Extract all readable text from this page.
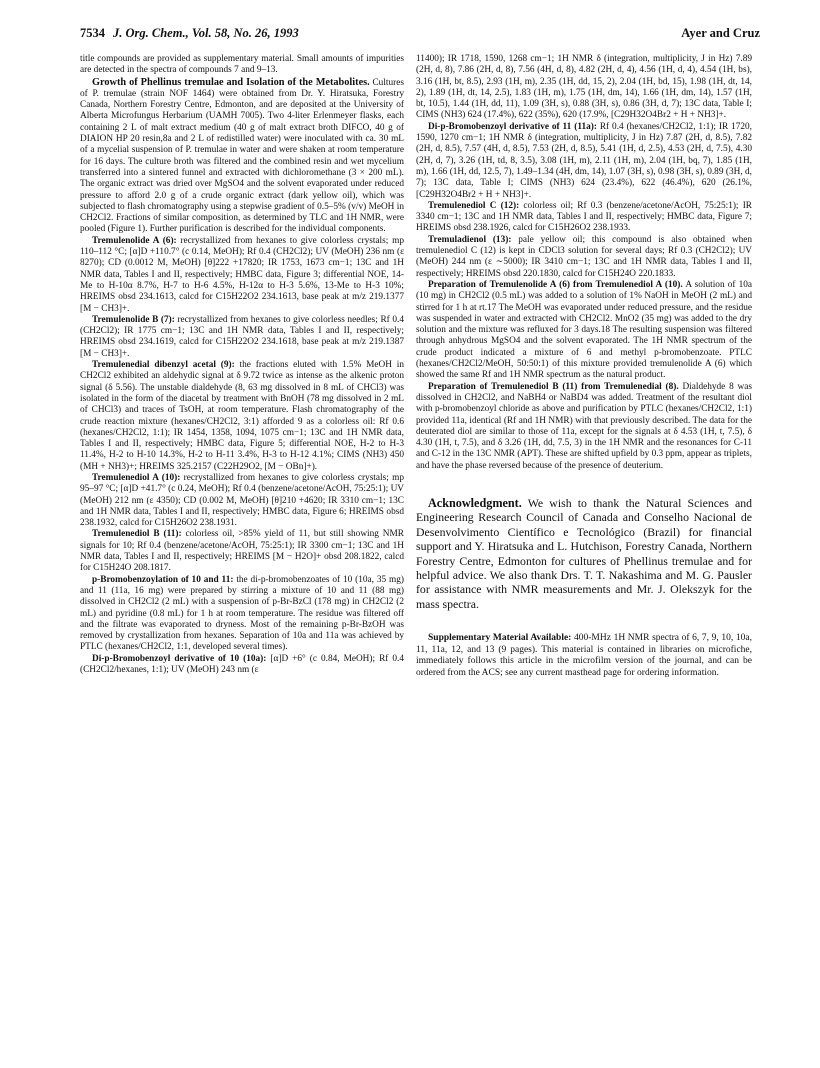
7534 J. Org. Chem., Vol. 58, No. 26, 1993	Ayer and Cruz

title compounds are provided as supplementary material. Small amounts of impurities are detected in the spectra of compounds 7 and 9–13.

Growth of Phellinus tremulae and Isolation of the Metabolites. Cultures of P. tremulae (strain NOF 1464) were obtained from Dr. Y. Hiratsuka, Forestry Canada, Northern Forestry Centre, Edmonton, and are deposited at the University of Alberta Microfungus Herbarium (UAMH 7005). Two 4-liter Erlenmeyer flasks, each containing 2 L of malt extract medium (40 g of malt extract broth DIFCO, 40 g of DIAION HP 20 resin,8a and 2 L of redistilled water) were inoculated with ca. 30 mL of a mycelial suspension of P. tremulae in water and were shaken at room temperature for 16 days. The culture broth was filtered and the combined resin and wet mycelium transferred into a sintered funnel and extracted with dichloromethane (3 × 200 mL). The organic extract was dried over MgSO4 and the solvent evaporated under reduced pressure to afford 2.0 g of a crude organic extract (dark yellow oil), which was subjected to flash chromatography using a stepwise gradient of 0.5–5% (v/v) MeOH in CH2Cl2. Fractions of similar composition, as determined by TLC and 1H NMR, were pooled (Figure 1). Further purification is described for the individual components.

Tremulenolide A (6): recrystallized from hexanes to give colorless crystals; mp 110–112 °C; [α]D +110.7° (c 0.14, MeOH); Rf 0.4 (CH2Cl2); UV (MeOH) 236 nm (ε 8270); CD (0.0012 M, MeOH) [θ]222 +17820; IR 1753, 1673 cm−1; 13C and 1H NMR data, Tables I and II, respectively; HMBC data, Figure 3; differential NOE, 14-Me to H-10α 8.7%, H-7 to H-6 4.5%, H-12α to H-3 5.6%, 13-Me to H-3 10%; HREIMS obsd 234.1613, calcd for C15H22O2 234.1613, base peak at m/z 219.1377 [M − CH3]+.

Tremulenolide B (7): recrystallized from hexanes to give colorless needles; Rf 0.4 (CH2Cl2); IR 1775 cm−1; 13C and 1H NMR data, Tables I and II, respectively; HREIMS obsd 234.1619, calcd for C15H22O2 234.1618, base peak at m/z 219.1387 [M − CH3]+.

Tremulenedial dibenzyl acetal (9): the fractions eluted with 1.5% MeOH in CH2Cl2 exhibited an aldehydic signal at δ 9.72 twice as intense as the alkenic proton signal (δ 5.56). The unstable dialdehyde (8, 63 mg dissolved in 8 mL of CHCl3) was isolated in the form of the diacetal by treatment with BnOH (78 mg dissolved in 2 mL of CHCl3) and traces of TsOH, at room temperature. Flash chromatography of the crude reaction mixture (hexanes/CH2Cl2, 3:1) afforded 9 as a colorless oil: Rf 0.6 (hexanes/CH2Cl2, 1:1); IR 1454, 1358, 1094, 1075 cm−1; 13C and 1H NMR data, Tables I and II, respectively; HMBC data, Figure 5; differential NOE, H-2 to H-3 11.4%, H-2 to H-10 14.3%, H-2 to H-11 3.4%, H-3 to H-12 4.1%; CIMS (NH3) 450 (MH + NH3)+; HREIMS 325.2157 (C22H29O2, [M − OBn]+).

Tremulenediol A (10): recrystallized from hexanes to give colorless crystals; mp 95–97 °C; [α]D +41.7° (c 0.24, MeOH); Rf 0.4 (benzene/acetone/AcOH, 75:25:1); UV (MeOH) 212 nm (ε 4350); CD (0.002 M, MeOH) [θ]210 +4620; IR 3310 cm−1; 13C and 1H NMR data, Tables I and II, respectively; HMBC data, Figure 6; HREIMS obsd 238.1932, calcd for C15H26O2 238.1931.

Tremulenediol B (11): colorless oil, >85% yield of 11, but still showing NMR signals for 10; Rf 0.4 (benzene/acetone/AcOH, 75:25:1); IR 3300 cm−1; 13C and 1H NMR data, Tables I and II, respectively; HREIMS [M − H2O]+ obsd 208.1822, calcd for C15H24O 208.1817.

p-Bromobenzoylation of 10 and 11: the di-p-bromobenzoates of 10 (10a, 35 mg) and 11 (11a, 16 mg) were prepared by stirring a mixture of 10 and 11 (88 mg) dissolved in CH2Cl2 (2 mL) with a suspension of p-Br-BzCl (178 mg) in CH2Cl2 (2 mL) and pyridine (0.8 mL) for 1 h at room temperature. The residue was filtered off and the filtrate was evaporated to dryness. Most of the remaining p-Br-BzOH was removed by crystallization from hexanes. Separation of 10a and 11a was achieved by PTLC (hexanes/CH2Cl2, 1:1, developed several times).

Di-p-Bromobenzoyl derivative of 10 (10a): [α]D +6° (c 0.84, MeOH); Rf 0.4 (CH2Cl2/hexanes, 1:1); UV (MeOH) 243 nm (ε

11400); IR 1718, 1590, 1268 cm−1; 1H NMR δ (integration, multiplicity, J in Hz) 7.89 (2H, d, 8), 7.86 (2H, d, 8), 7.56 (4H, d, 8), 4.82 (2H, d, 4), 4.56 (1H, d, 4), 4.54 (1H, bs), 3.16 (1H, bt, 8.5), 2.93 (1H, m), 2.35 (1H, dd, 15, 2), 2.04 (1H, bd, 15), 1.98 (1H, dt, 14, 2), 1.89 (1H, dt, 14, 2.5), 1.83 (1H, m), 1.75 (1H, dm, 14), 1.66 (1H, dm, 14), 1.57 (1H, bt, 10.5), 1.44 (1H, dd, 11), 1.09 (3H, s), 0.88 (3H, s), 0.86 (3H, d, 7); 13C data, Table I; CIMS (NH3) 624 (17.4%), 622 (35%), 620 (17.9%, [C29H32O4Br2 + H + NH3]+.

Di-p-Bromobenzoyl derivative of 11 (11a): Rf 0.4 (hexanes/CH2Cl2, 1:1); IR 1720, 1590, 1270 cm−1; 1H NMR δ (integration, multiplicity, J in Hz) 7.87 (2H, d, 8.5), 7.82 (2H, d, 8.5), 7.57 (4H, d, 8.5), 7.53 (2H, d, 8.5), 5.41 (1H, d, 2.5), 4.53 (2H, d, 7.5), 4.30 (2H, d, 7), 3.26 (1H, td, 8, 3.5), 3.08 (1H, m), 2.11 (1H, m), 2.04 (1H, bq, 7), 1.85 (1H, m), 1.66 (1H, dd, 12.5, 7), 1.49–1.34 (4H, dm, 14), 1.07 (3H, s), 0.98 (3H, s), 0.89 (3H, d, 7); 13C data, Table I; CIMS (NH3) 624 (23.4%), 622 (46.4%), 620 (26.1%, [C29H32O4Br2 + H + NH3]+.

Tremulenediol C (12): colorless oil; Rf 0.3 (benzene/acetone/AcOH, 75:25:1); IR 3340 cm−1; 13C and 1H NMR data, Tables I and II, respectively; HMBC data, Figure 7; HREIMS obsd 238.1926, calcd for C15H26O2 238.1933.

Tremuladienol (13): pale yellow oil; this compound is also obtained when tremulenediol C (12) is kept in CDCl3 solution for several days; Rf 0.3 (CH2Cl2); UV (MeOH) 244 nm (ε ∼5000); IR 3410 cm−1; 13C and 1H NMR data, Tables I and II, respectively; HREIMS obsd 220.1830, calcd for C15H24O 220.1833.

Preparation of Tremulenolide A (6) from Tremulenediol A (10). A solution of 10a (10 mg) in CH2Cl2 (0.5 mL) was added to a solution of 1% NaOH in MeOH (2 mL) and stirred for 1 h at rt.17 The MeOH was evaporated under reduced pressure, and the residue was suspended in water and extracted with CH2Cl2. MnO2 (35 mg) was added to the dry solution and the mixture was refluxed for 3 days.18 The resulting suspension was filtered through anhydrous MgSO4 and the solvent evaporated. The 1H NMR spectrum of the crude product indicated a mixture of 6 and methyl p-bromobenzoate. PTLC (hexanes/CH2Cl2/MeOH, 50:50:1) of this mixture provided tremulenolide A (6) which showed the same Rf and 1H NMR spectrum as the natural product.

Preparation of Tremulenediol B (11) from Tremulenedial (8). Dialdehyde 8 was dissolved in CH2Cl2, and NaBH4 or NaBD4 was added. Treatment of the resultant diol with p-bromobenzoyl chloride as above and purification by PTLC (hexanes/CH2Cl2, 1:1) provided 11a, identical (Rf and 1H NMR) with that previously described. The data for the deuterated diol are similar to those of 11a, except for the signals at δ 4.53 (1H, t, 7.5), δ 4.30 (1H, t, 7.5), and δ 3.26 (1H, dd, 7.5, 3) in the 1H NMR and the resonances for C-11 and C-12 in the 13C NMR (APT). These are shifted upfield by 0.3 ppm, appear as triplets, and have the phase reversed because of the presence of deuterium.

Acknowledgment. We wish to thank the Natural Sciences and Engineering Research Council of Canada and Conselho Nacional de Desenvolvimento Científico e Tecnológico (Brazil) for financial support and Y. Hiratsuka and L. Hutchison, Forestry Canada, Northern Forestry Centre, Edmonton for cultures of Phellinus tremulae and for helpful advice. We also thank Drs. T. T. Nakashima and M. G. Pausler for assistance with NMR measurements and Mr. J. Olekszyk for the mass spectra.

Supplementary Material Available: 400-MHz 1H NMR spectra of 6, 7, 9, 10, 10a, 11, 11a, 12, and 13 (9 pages). This material is contained in libraries on microfiche, immediately follows this article in the microfilm version of the journal, and can be ordered from the ACS; see any current masthead page for ordering information.
